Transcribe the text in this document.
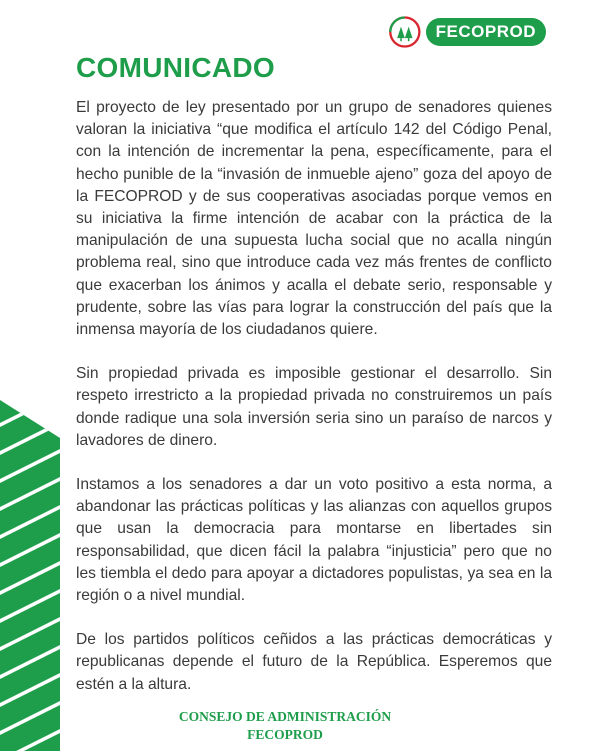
FECOPROD
COMUNICADO

El proyecto de ley presentado por un grupo de senadores quienes valoran la iniciativa “que modifica el artículo 142 del Código Penal, con la intención de incrementar la pena, específicamente, para el hecho punible de la “invasión de inmueble ajeno” goza del apoyo de la FECOPROD y de sus cooperativas asociadas porque vemos en su iniciativa la firme intención de acabar con la práctica de la manipulación de una supuesta lucha social que no acalla ningún problema real, sino que introduce cada vez más frentes de conflicto que exacerban los ánimos y acalla el debate serio, responsable y prudente, sobre las vías para lograr la construcción del país que la inmensa mayoría de los ciudadanos quiere.

Sin propiedad privada es imposible gestionar el desarrollo. Sin respeto irrestricto a la propiedad privada no construiremos un país donde radique una sola inversión seria sino un paraíso de narcos y lavadores de dinero.

Instamos a los senadores a dar un voto positivo a esta norma, a abandonar las prácticas políticas y las alianzas con aquellos grupos que usan la democracia para montarse en libertades sin responsabilidad, que dicen fácil la palabra “injusticia” pero que no les tiembla el dedo para apoyar a dictadores populistas, ya sea en la región o a nivel mundial.

De los partidos políticos ceñidos a las prácticas democráticas y republicanas depende el futuro de la República. Esperemos que estén a la altura.

CONSEJO DE ADMINISTRACIÓN
FECOPROD
